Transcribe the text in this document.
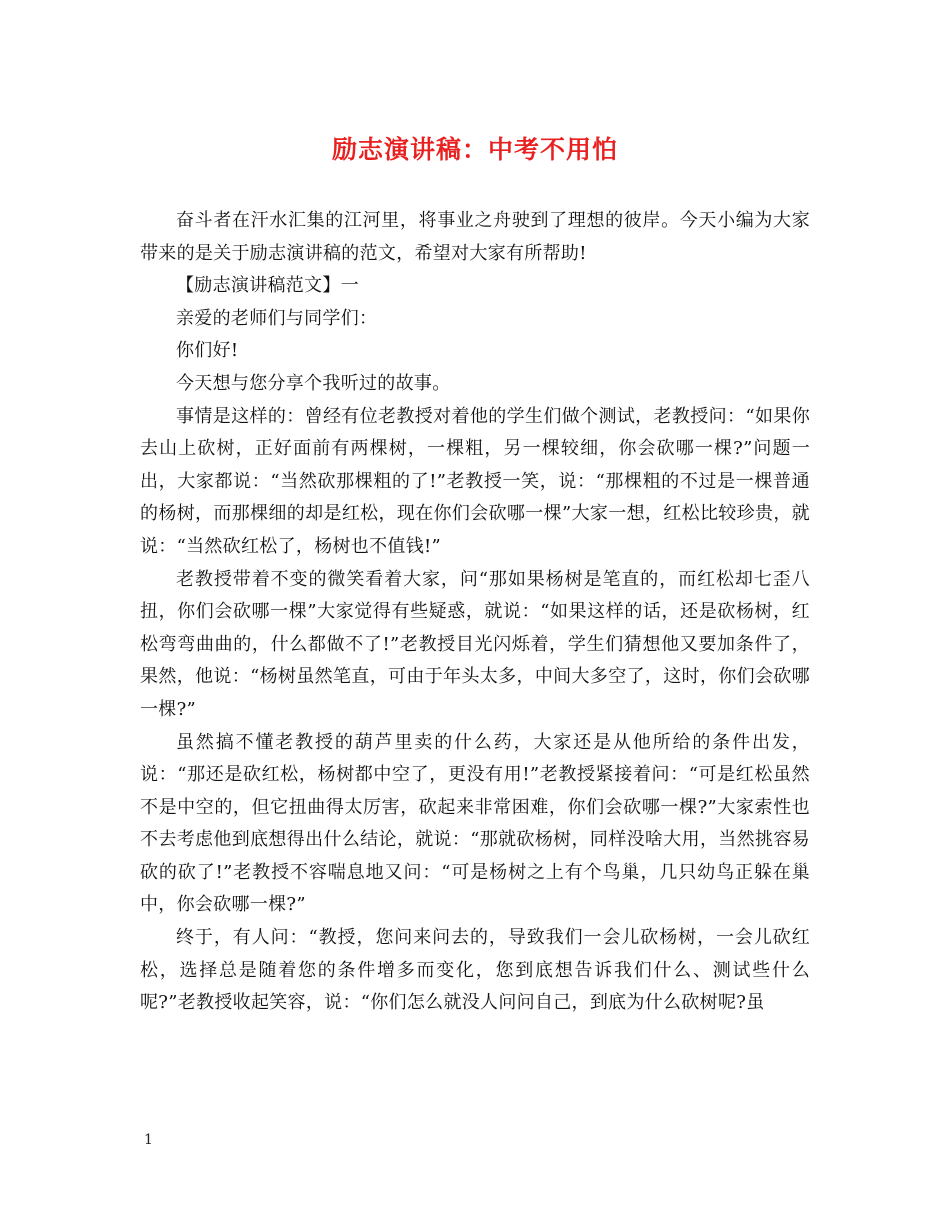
励志演讲稿：中考不用怕

奋斗者在汗水汇集的江河里，将事业之舟驶到了理想的彼岸。今天小编为大家带来的是关于励志演讲稿的范文，希望对大家有所帮助!

【励志演讲稿范文】一

亲爱的老师们与同学们：

你们好!

今天想与您分享个我听过的故事。

事情是这样的：曾经有位老教授对着他的学生们做个测试，老教授问：“如果你去山上砍树，正好面前有两棵树，一棵粗，另一棵较细，你会砍哪一棵?”问题一出，大家都说：“当然砍那棵粗的了!”老教授一笑，说：“那棵粗的不过是一棵普通的杨树，而那棵细的却是红松，现在你们会砍哪一棵”大家一想，红松比较珍贵，就说：“当然砍红松了，杨树也不值钱!”

老教授带着不变的微笑看着大家，问“那如果杨树是笔直的，而红松却七歪八扭，你们会砍哪一棵”大家觉得有些疑惑，就说：“如果这样的话，还是砍杨树，红松弯弯曲曲的，什么都做不了!”老教授目光闪烁着，学生们猜想他又要加条件了，果然，他说：“杨树虽然笔直，可由于年头太多，中间大多空了，这时，你们会砍哪一棵?”

虽然搞不懂老教授的葫芦里卖的什么药，大家还是从他所给的条件出发，说：“那还是砍红松，杨树都中空了，更没有用!”老教授紧接着问：“可是红松虽然不是中空的，但它扭曲得太厉害，砍起来非常困难，你们会砍哪一棵?”大家索性也不去考虑他到底想得出什么结论，就说：“那就砍杨树，同样没啥大用，当然挑容易砍的砍了!”老教授不容喘息地又问：“可是杨树之上有个鸟巢，几只幼鸟正躲在巢中，你会砍哪一棵?”

终于，有人问：“教授，您问来问去的，导致我们一会儿砍杨树，一会儿砍红松，选择总是随着您的条件增多而变化，您到底想告诉我们什么、测试些什么呢?”老教授收起笑容，说：“你们怎么就没人问问自己，到底为什么砍树呢?虽

1
